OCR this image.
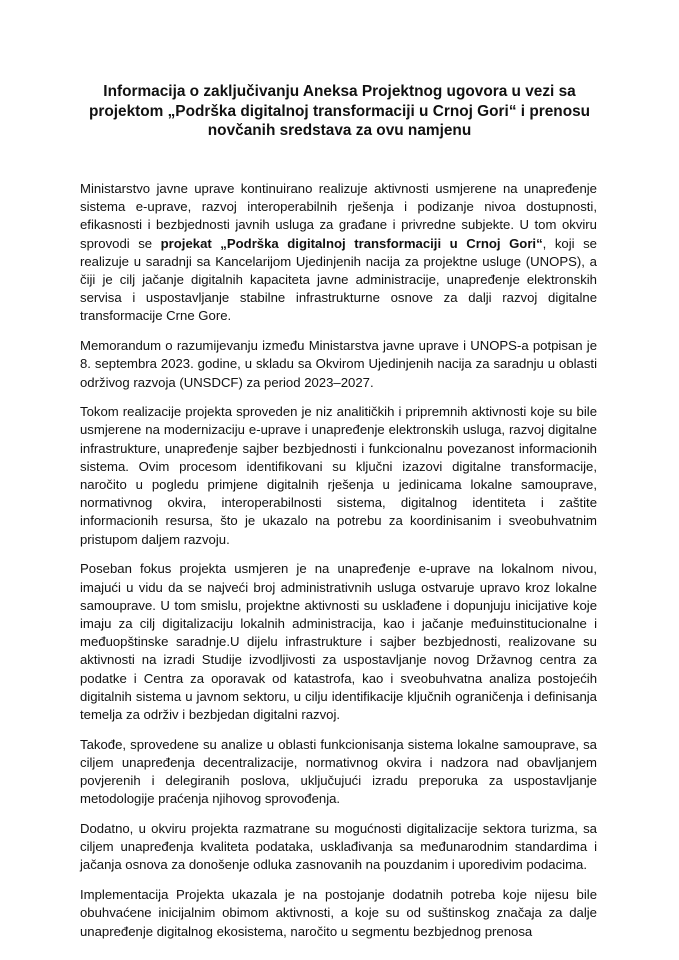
Informacija o zaključivanju Aneksa Projektnog ugovora u vezi sa projektom „Podrška digitalnoj transformaciji u Crnoj Gori“ i prenosu novčanih sredstava za ovu namjenu

Ministarstvo javne uprave kontinuirano realizuje aktivnosti usmjerene na unapređenje sistema e-uprave, razvoj interoperabilnih rješenja i podizanje nivoa dostupnosti, efikasnosti i bezbjednosti javnih usluga za građane i privredne subjekte. U tom okviru sprovodi se projekat „Podrška digitalnoj transformaciji u Crnoj Gori“, koji se realizuje u saradnji sa Kancelarijom Ujedinjenih nacija za projektne usluge (UNOPS), a čiji je cilj jačanje digitalnih kapaciteta javne administracije, unapređenje elektronskih servisa i uspostavljanje stabilne infrastrukturne osnove za dalji razvoj digitalne transformacije Crne Gore.

Memorandum o razumijevanju između Ministarstva javne uprave i UNOPS-a potpisan je 8. septembra 2023. godine, u skladu sa Okvirom Ujedinjenih nacija za saradnju u oblasti održivog razvoja (UNSDCF) za period 2023–2027.

Tokom realizacije projekta sproveden je niz analitičkih i pripremnih aktivnosti koje su bile usmjerene na modernizaciju e-uprave i unapređenje elektronskih usluga, razvoj digitalne infrastrukture, unapređenje sajber bezbjednosti i funkcionalnu povezanost informacionih sistema. Ovim procesom identifikovani su ključni izazovi digitalne transformacije, naročito u pogledu primjene digitalnih rješenja u jedinicama lokalne samouprave, normativnog okvira, interoperabilnosti sistema, digitalnog identiteta i zaštite informacionih resursa, što je ukazalo na potrebu za koordinisanim i sveobuhvatnim pristupom daljem razvoju.

Poseban fokus projekta usmjeren je na unapređenje e-uprave na lokalnom nivou, imajući u vidu da se najveći broj administrativnih usluga ostvaruje upravo kroz lokalne samouprave. U tom smislu, projektne aktivnosti su usklađene i dopunjuju inicijative koje imaju za cilj digitalizaciju lokalnih administracija, kao i jačanje međuinstitucionalne i međuopštinske saradnje.U dijelu infrastrukture i sajber bezbjednosti, realizovane su aktivnosti na izradi Studije izvodljivosti za uspostavljanje novog Državnog centra za podatke i Centra za oporavak od katastrofa, kao i sveobuhvatna analiza postojećih digitalnih sistema u javnom sektoru, u cilju identifikacije ključnih ograničenja i definisanja temelja za održiv i bezbjedan digitalni razvoj.

Takođe, sprovedene su analize u oblasti funkcionisanja sistema lokalne samouprave, sa ciljem unapređenja decentralizacije, normativnog okvira i nadzora nad obavljanjem povjerenih i delegiranih poslova, uključujući izradu preporuka za uspostavljanje metodologije praćenja njihovog sprovođenja.

Dodatno, u okviru projekta razmatrane su mogućnosti digitalizacije sektora turizma, sa ciljem unapređenja kvaliteta podataka, usklađivanja sa međunarodnim standardima i jačanja osnova za donošenje odluka zasnovanih na pouzdanim i uporedivim podacima.

Implementacija Projekta ukazala je na postojanje dodatnih potreba koje nijesu bile obuhvaćene inicijalnim obimom aktivnosti, a koje su od suštinskog značaja za dalje unapređenje digitalnog ekosistema, naročito u segmentu bezbjednog prenosa
